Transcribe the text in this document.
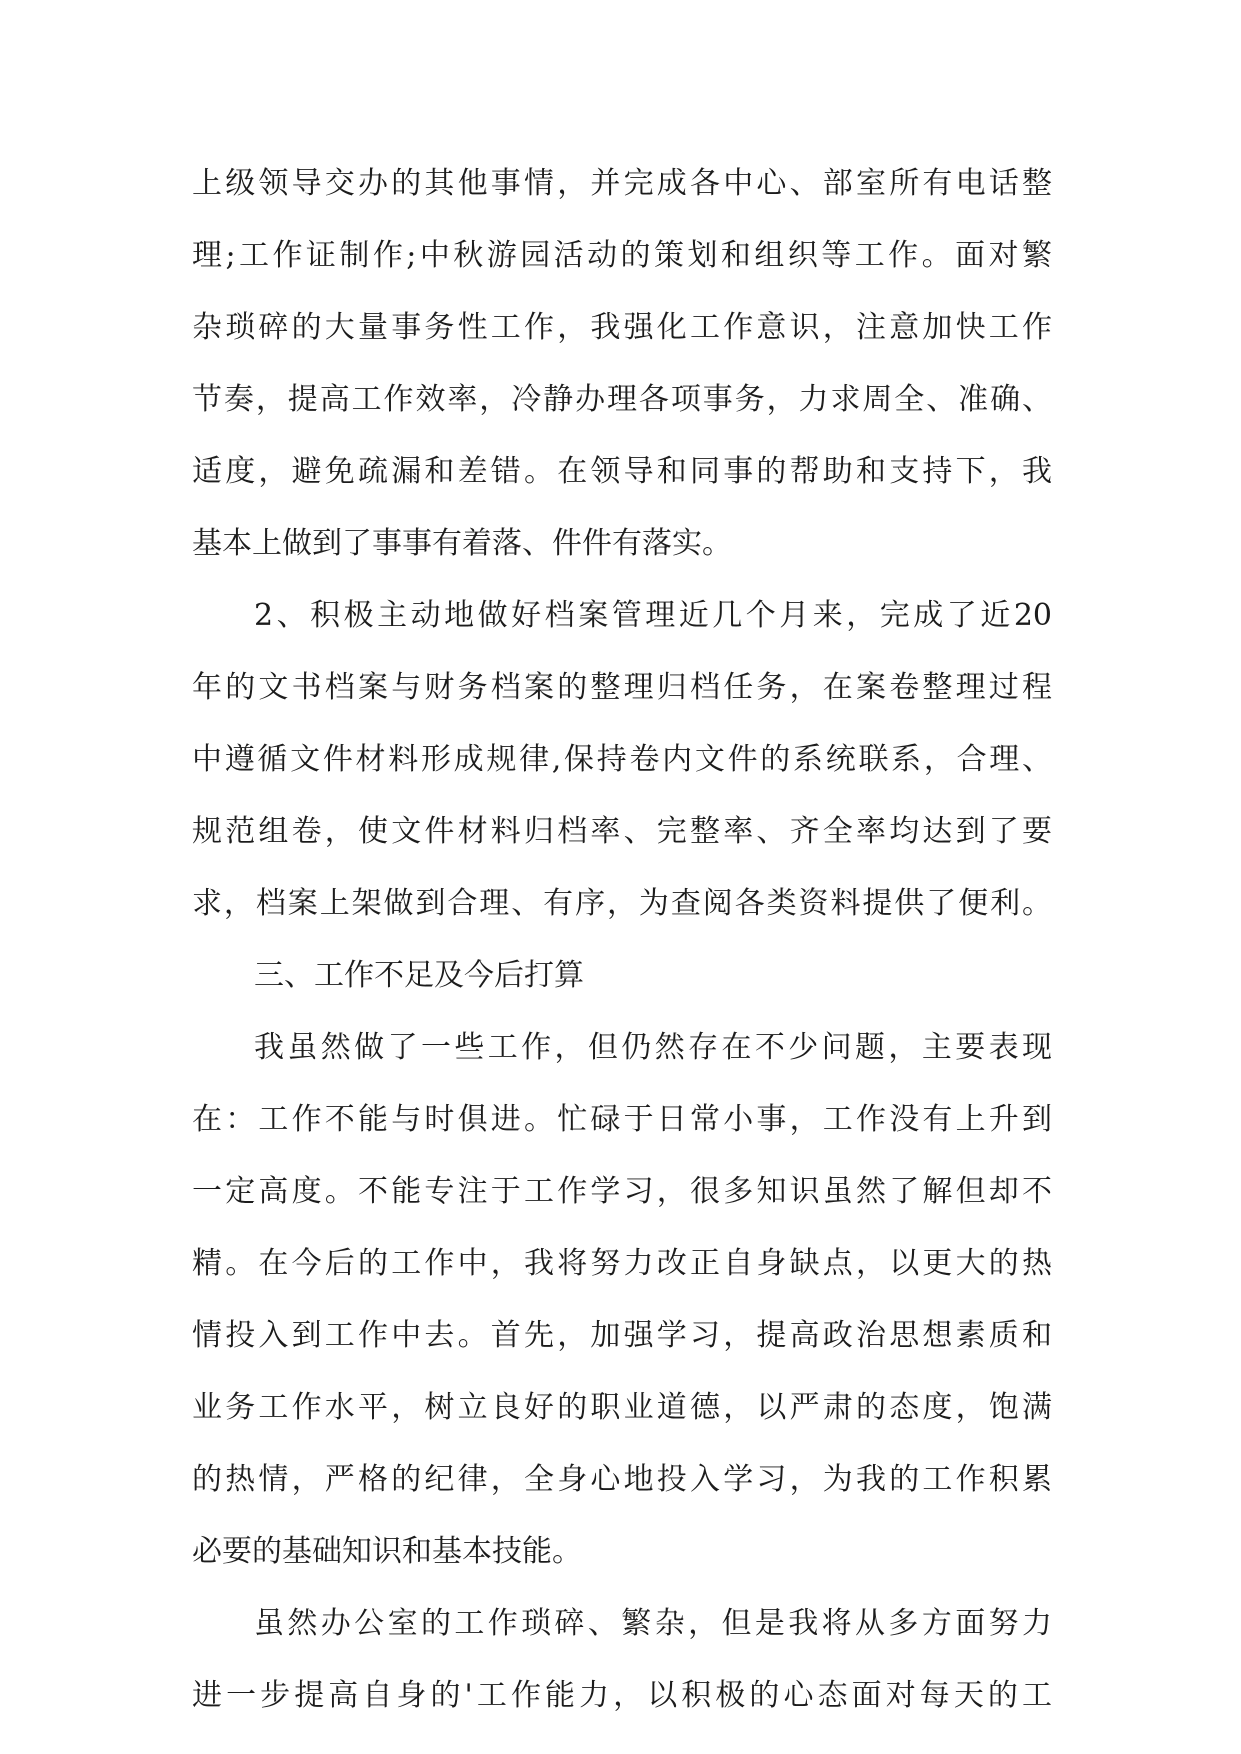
上级领导交办的其他事情，并完成各中心、部室所有电话整
理;工作证制作;中秋游园活动的策划和组织等工作。面对繁
杂琐碎的大量事务性工作，我强化工作意识，注意加快工作
节奏，提高工作效率，冷静办理各项事务，力求周全、准确、
适度，避免疏漏和差错。在领导和同事的帮助和支持下，我
基本上做到了事事有着落、件件有落实。
2、积极主动地做好档案管理近几个月来，完成了近20
年的文书档案与财务档案的整理归档任务，在案卷整理过程
中遵循文件材料形成规律,保持卷内文件的系统联系，合理、
规范组卷，使文件材料归档率、完整率、齐全率均达到了要
求，档案上架做到合理、有序，为查阅各类资料提供了便利。
三、工作不足及今后打算
我虽然做了一些工作，但仍然存在不少问题，主要表现
在：工作不能与时俱进。忙碌于日常小事，工作没有上升到
一定高度。不能专注于工作学习，很多知识虽然了解但却不
精。在今后的工作中，我将努力改正自身缺点，以更大的热
情投入到工作中去。首先，加强学习，提高政治思想素质和
业务工作水平，树立良好的职业道德，以严肃的态度，饱满
的热情，严格的纪律，全身心地投入学习，为我的工作积累
必要的基础知识和基本技能。
虽然办公室的工作琐碎、繁杂，但是我将从多方面努力
进一步提高自身的'工作能力，以积极的心态面对每天的工
